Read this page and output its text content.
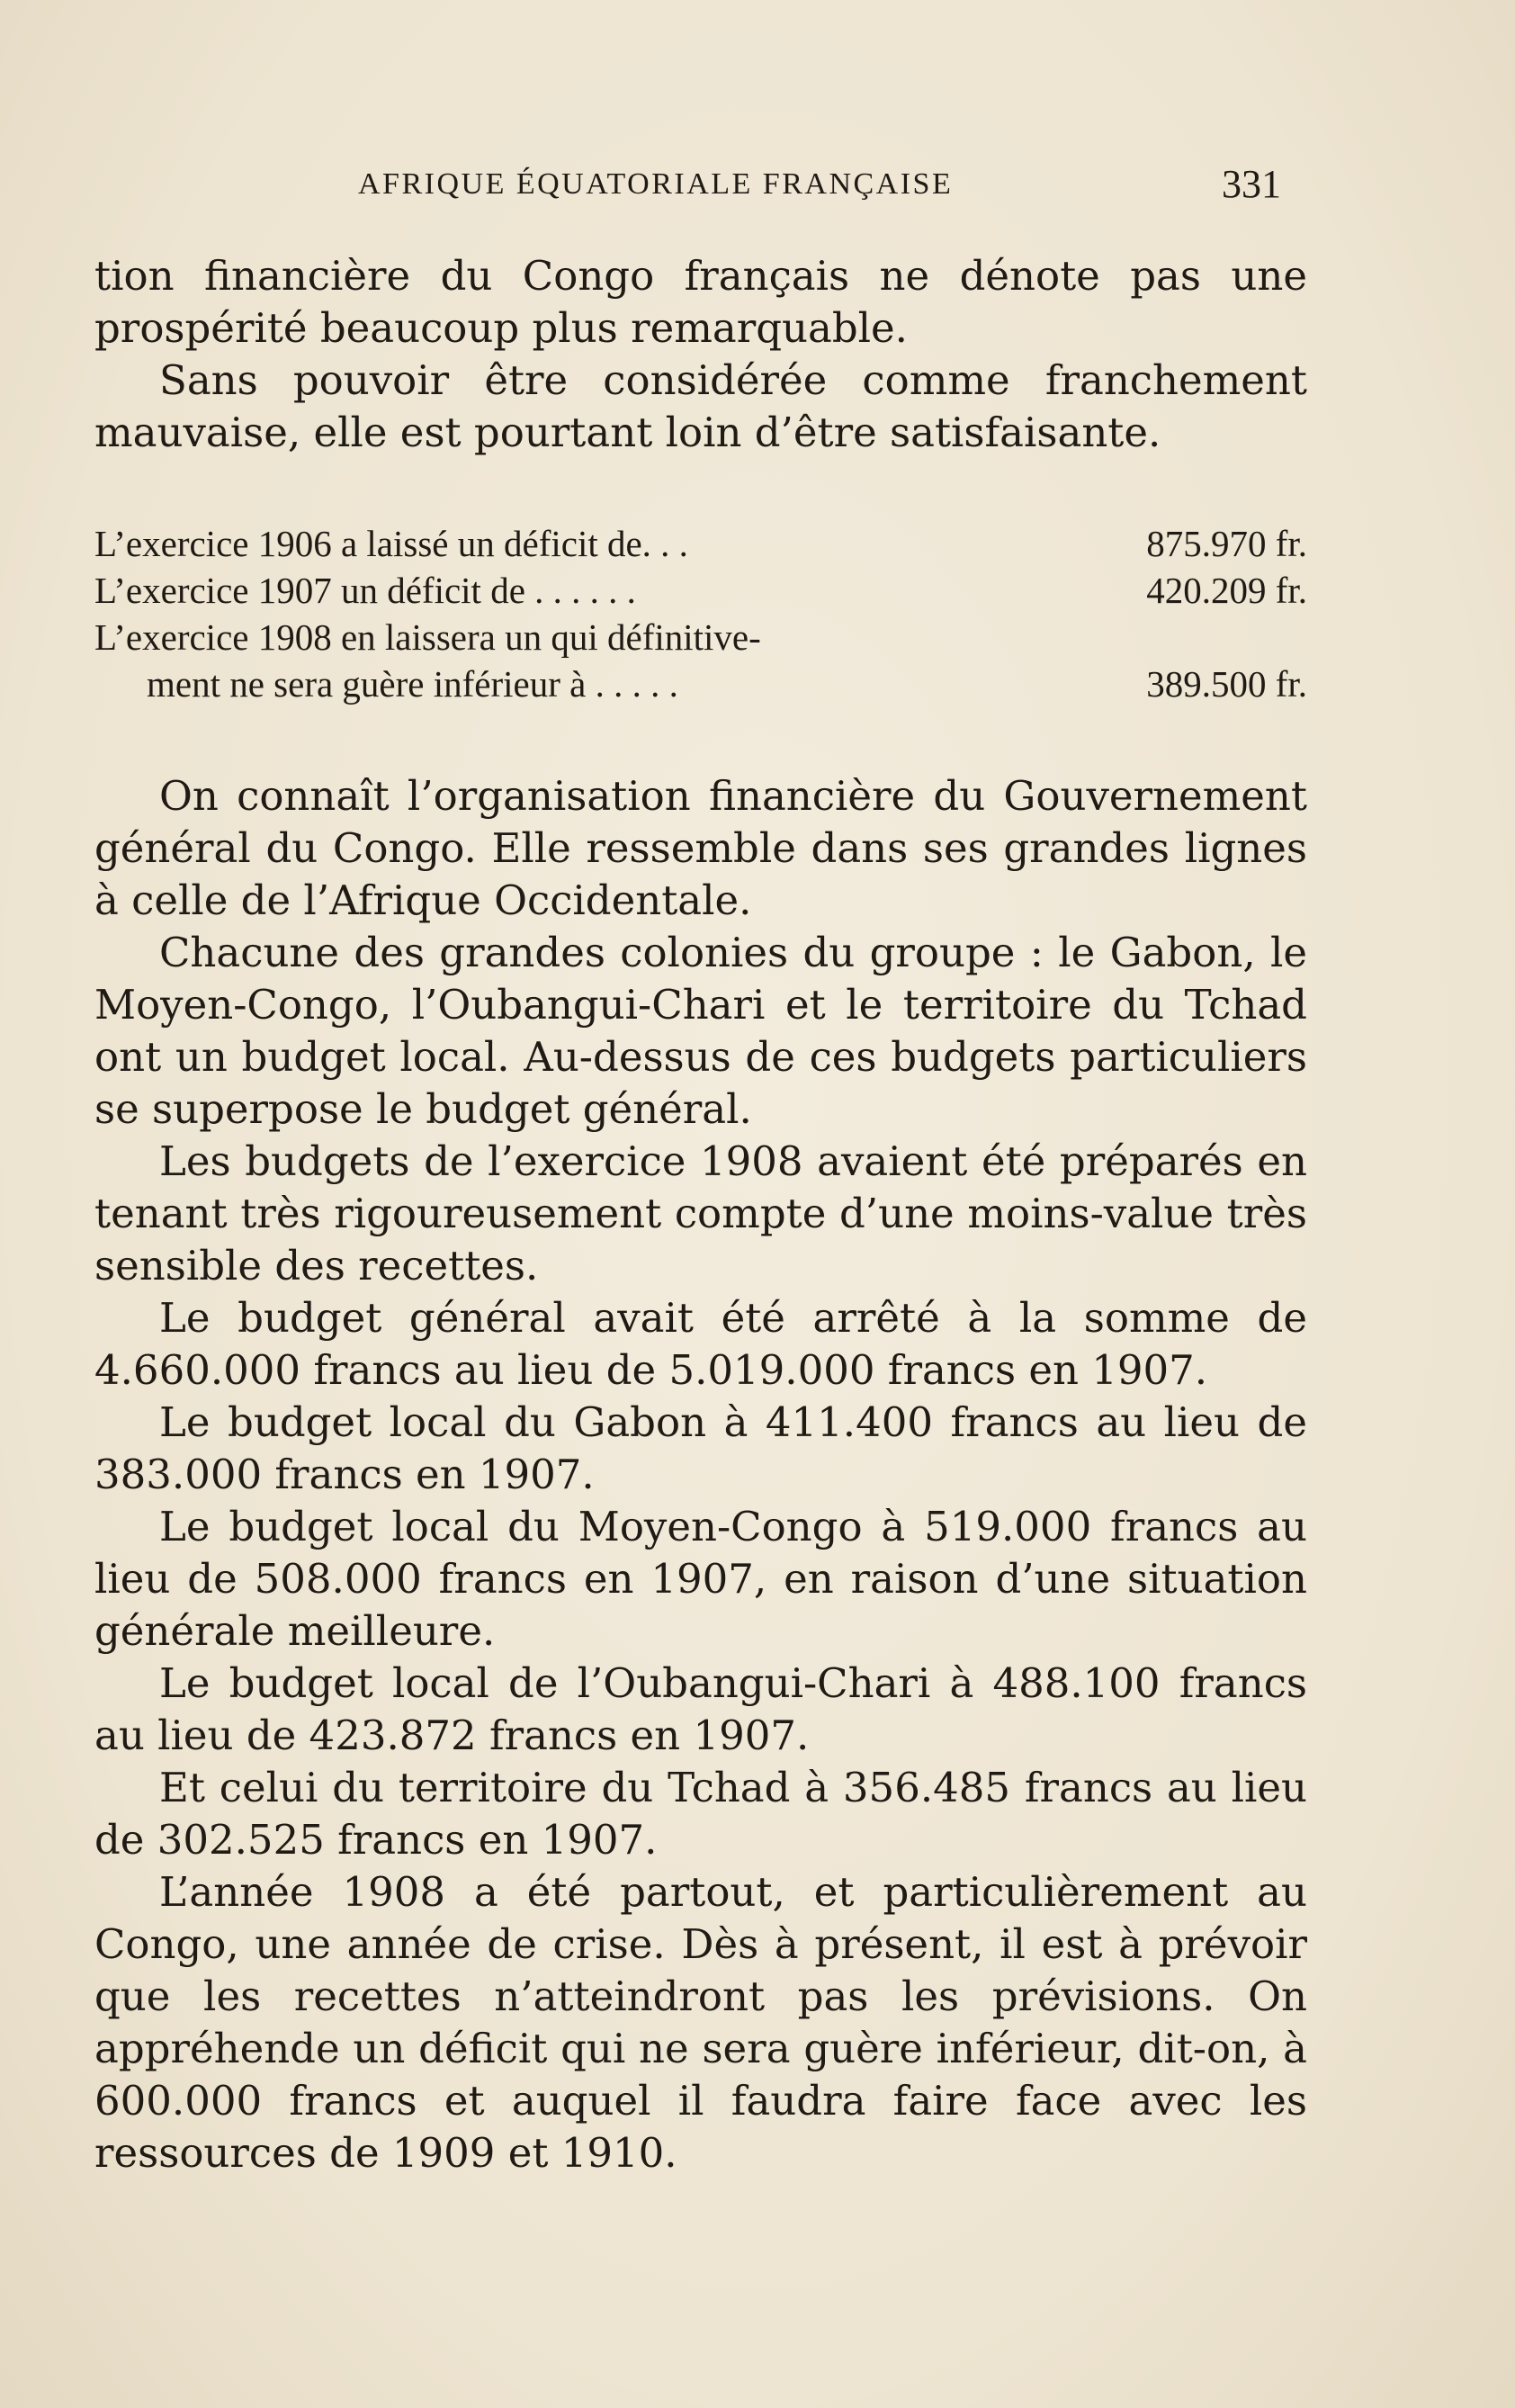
AFRIQUE ÉQUATORIALE FRANÇAISE	331

tion financière du Congo français ne dénote pas une prospérité beaucoup plus remarquable.

Sans pouvoir être considérée comme franchement mauvaise, elle est pourtant loin d’être satisfaisante.

L’exercice 1906 a laissé un déficit de. . .	875.970 fr.
L’exercice 1907 un déficit de . . . . . .	420.209 fr.
L’exercice 1908 en laissera un qui définitive-
ment ne sera guère inférieur à . . . . .	389.500 fr.

On connaît l’organisation financière du Gouvernement général du Congo. Elle ressemble dans ses grandes lignes à celle de l’Afrique Occidentale.

Chacune des grandes colonies du groupe : le Gabon, le Moyen-Congo, l’Oubangui-Chari et le territoire du Tchad ont un budget local. Au-dessus de ces budgets particuliers se superpose le budget général.

Les budgets de l’exercice 1908 avaient été préparés en tenant très rigoureusement compte d’une moins-value très sensible des recettes.

Le budget général avait été arrêté à la somme de 4.660.000 francs au lieu de 5.019.000 francs en 1907.

Le budget local du Gabon à 411.400 francs au lieu de 383.000 francs en 1907.

Le budget local du Moyen-Congo à 519.000 francs au lieu de 508.000 francs en 1907, en raison d’une situation générale meilleure.

Le budget local de l’Oubangui-Chari à 488.100 francs au lieu de 423.872 francs en 1907.

Et celui du territoire du Tchad à 356.485 francs au lieu de 302.525 francs en 1907.

L’année 1908 a été partout, et particulièrement au Congo, une année de crise. Dès à présent, il est à prévoir que les recettes n’atteindront pas les prévisions. On appréhende un déficit qui ne sera guère inférieur, dit-on, à 600.000 francs et auquel il faudra faire face avec les ressources de 1909 et 1910.
